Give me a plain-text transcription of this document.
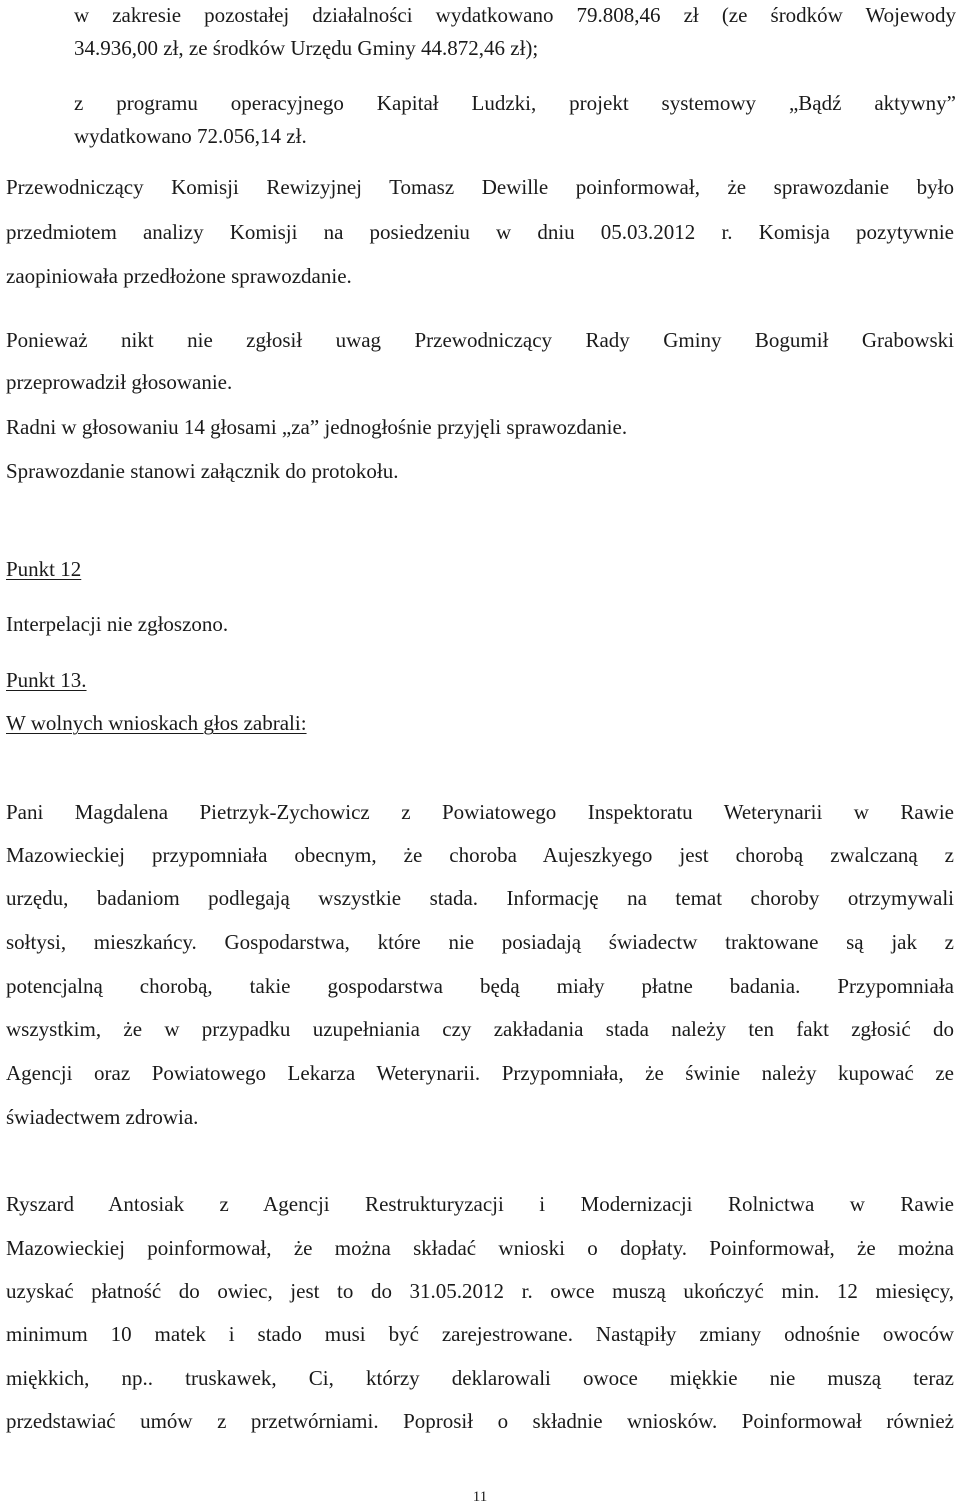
w zakresie pozostałej działalności wydatkowano 79.808,46 zł (ze środków Wojewody
34.936,00 zł, ze środków Urzędu Gminy 44.872,46 zł);
z programu operacyjnego Kapitał Ludzki, projekt systemowy „Bądź aktywny”
wydatkowano 72.056,14 zł.

Przewodniczący Komisji Rewizyjnej Tomasz Dewille poinformował, że sprawozdanie było

przedmiotem analizy Komisji na posiedzeniu w dniu 05.03.2012 r. Komisja pozytywnie

zaopiniowała przedłożone sprawozdanie.

Ponieważ nikt nie zgłosił uwag Przewodniczący Rady Gminy Bogumił Grabowski

przeprowadził głosowanie.

Radni w głosowaniu 14 głosami „za” jednogłośnie przyjęli sprawozdanie.

Sprawozdanie stanowi załącznik do protokołu.

Punkt 12

Interpelacji nie zgłoszono.

Punkt 13.

W wolnych wnioskach głos zabrali:

Pani Magdalena Pietrzyk-Zychowicz z Powiatowego Inspektoratu Weterynarii w Rawie

Mazowieckiej przypomniała obecnym, że choroba Aujeszkyego jest chorobą zwalczaną z

urzędu, badaniom podlegają wszystkie stada. Informację na temat choroby otrzymywali

sołtysi, mieszkańcy. Gospodarstwa, które nie posiadają świadectw traktowane są jak z

potencjalną chorobą, takie gospodarstwa będą miały płatne badania. Przypomniała

wszystkim, że w przypadku uzupełniania czy zakładania stada należy ten fakt zgłosić do

Agencji oraz Powiatowego Lekarza Weterynarii. Przypomniała, że świnie należy kupować ze

świadectwem zdrowia.

Ryszard Antosiak z Agencji Restrukturyzacji i Modernizacji Rolnictwa w Rawie

Mazowieckiej poinformował, że można składać wnioski o dopłaty. Poinformował, że można

uzyskać płatność do owiec, jest to do 31.05.2012 r. owce muszą ukończyć min. 12 miesięcy,

minimum 10 matek i stado musi być zarejestrowane. Nastąpiły zmiany odnośnie owoców

miękkich, np.. truskawek, Ci, którzy deklarowali owoce miękkie nie muszą teraz

przedstawiać umów z przetwórniami. Poprosił o składnie wniosków. Poinformował również

11
